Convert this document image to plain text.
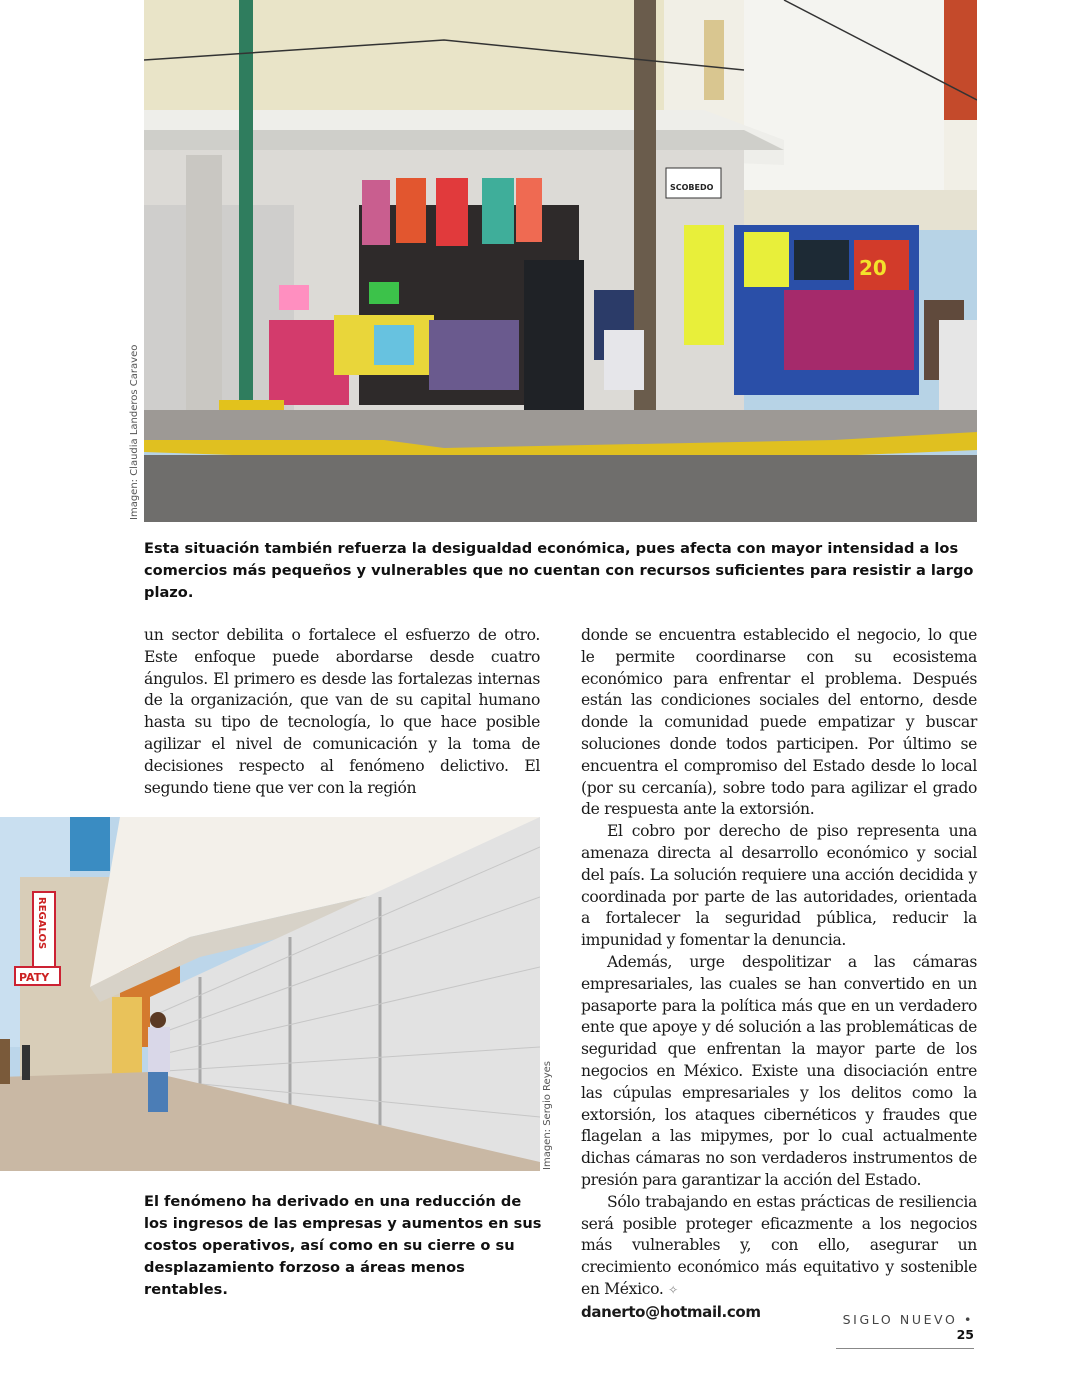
SCOBEDO
20
Imagen: Claudia Landeros Caraveo
Esta situación también refuerza la desigualdad económica, pues afecta con mayor intensidad a los comercios más pequeños y vulnerables que no cuentan con recursos suficientes para resistir a largo plazo.

un sector debilita o fortalece el esfuerzo de otro. Este enfoque puede abordarse desde cuatro ángulos. El primero es desde las fortalezas internas de la organización, que van de su capital humano hasta su tipo de tecnología, lo que hace posible agilizar el nivel de comunicación y la toma de decisiones respecto al fenómeno delictivo. El segundo tiene que ver con la región

donde se encuentra establecido el negocio, lo que le permite coordinarse con su ecosistema económico para enfrentar el problema. Después están las condiciones sociales del entorno, desde donde la comunidad puede empatizar y buscar soluciones donde todos participen. Por último se encuentra el compromiso del Estado desde lo local (por su cercanía), sobre todo para agilizar el grado de respuesta ante la extorsión.

El cobro por derecho de piso representa una amenaza directa al desarrollo económico y social del país. La solución requiere una acción decidida y coordinada por parte de las autoridades, orientada a fortalecer la seguridad pública, reducir la impunidad y fomentar la denuncia.

Además, urge despolitizar a las cámaras empresariales, las cuales se han convertido en un pasaporte para la política más que en un verdadero ente que apoye y dé solución a las problemáticas de seguridad que enfrentan la mayor parte de los negocios en México. Existe una disociación entre las cúpulas empresariales y los delitos como la extorsión, los ataques cibernéticos y fraudes que flagelan a las mipymes, por lo cual actualmente dichas cámaras no son verdaderos instrumentos de presión para garantizar la acción del Estado.

Sólo trabajando en estas prácticas de resiliencia será posible proteger eficazmente a los negocios más vulnerables y, con ello, asegurar un crecimiento económico más equitativo y sostenible en México. ✧

danerto@hotmail.com
REGALOS
PATY
Imagen: Sergio Reyes
El fenómeno ha derivado en una reducción de los ingresos de las empresas y aumentos en sus costos operativos, así como en su cierre o su desplazamiento forzoso a áreas menos rentables.
SIGLO NUEVO • 25
